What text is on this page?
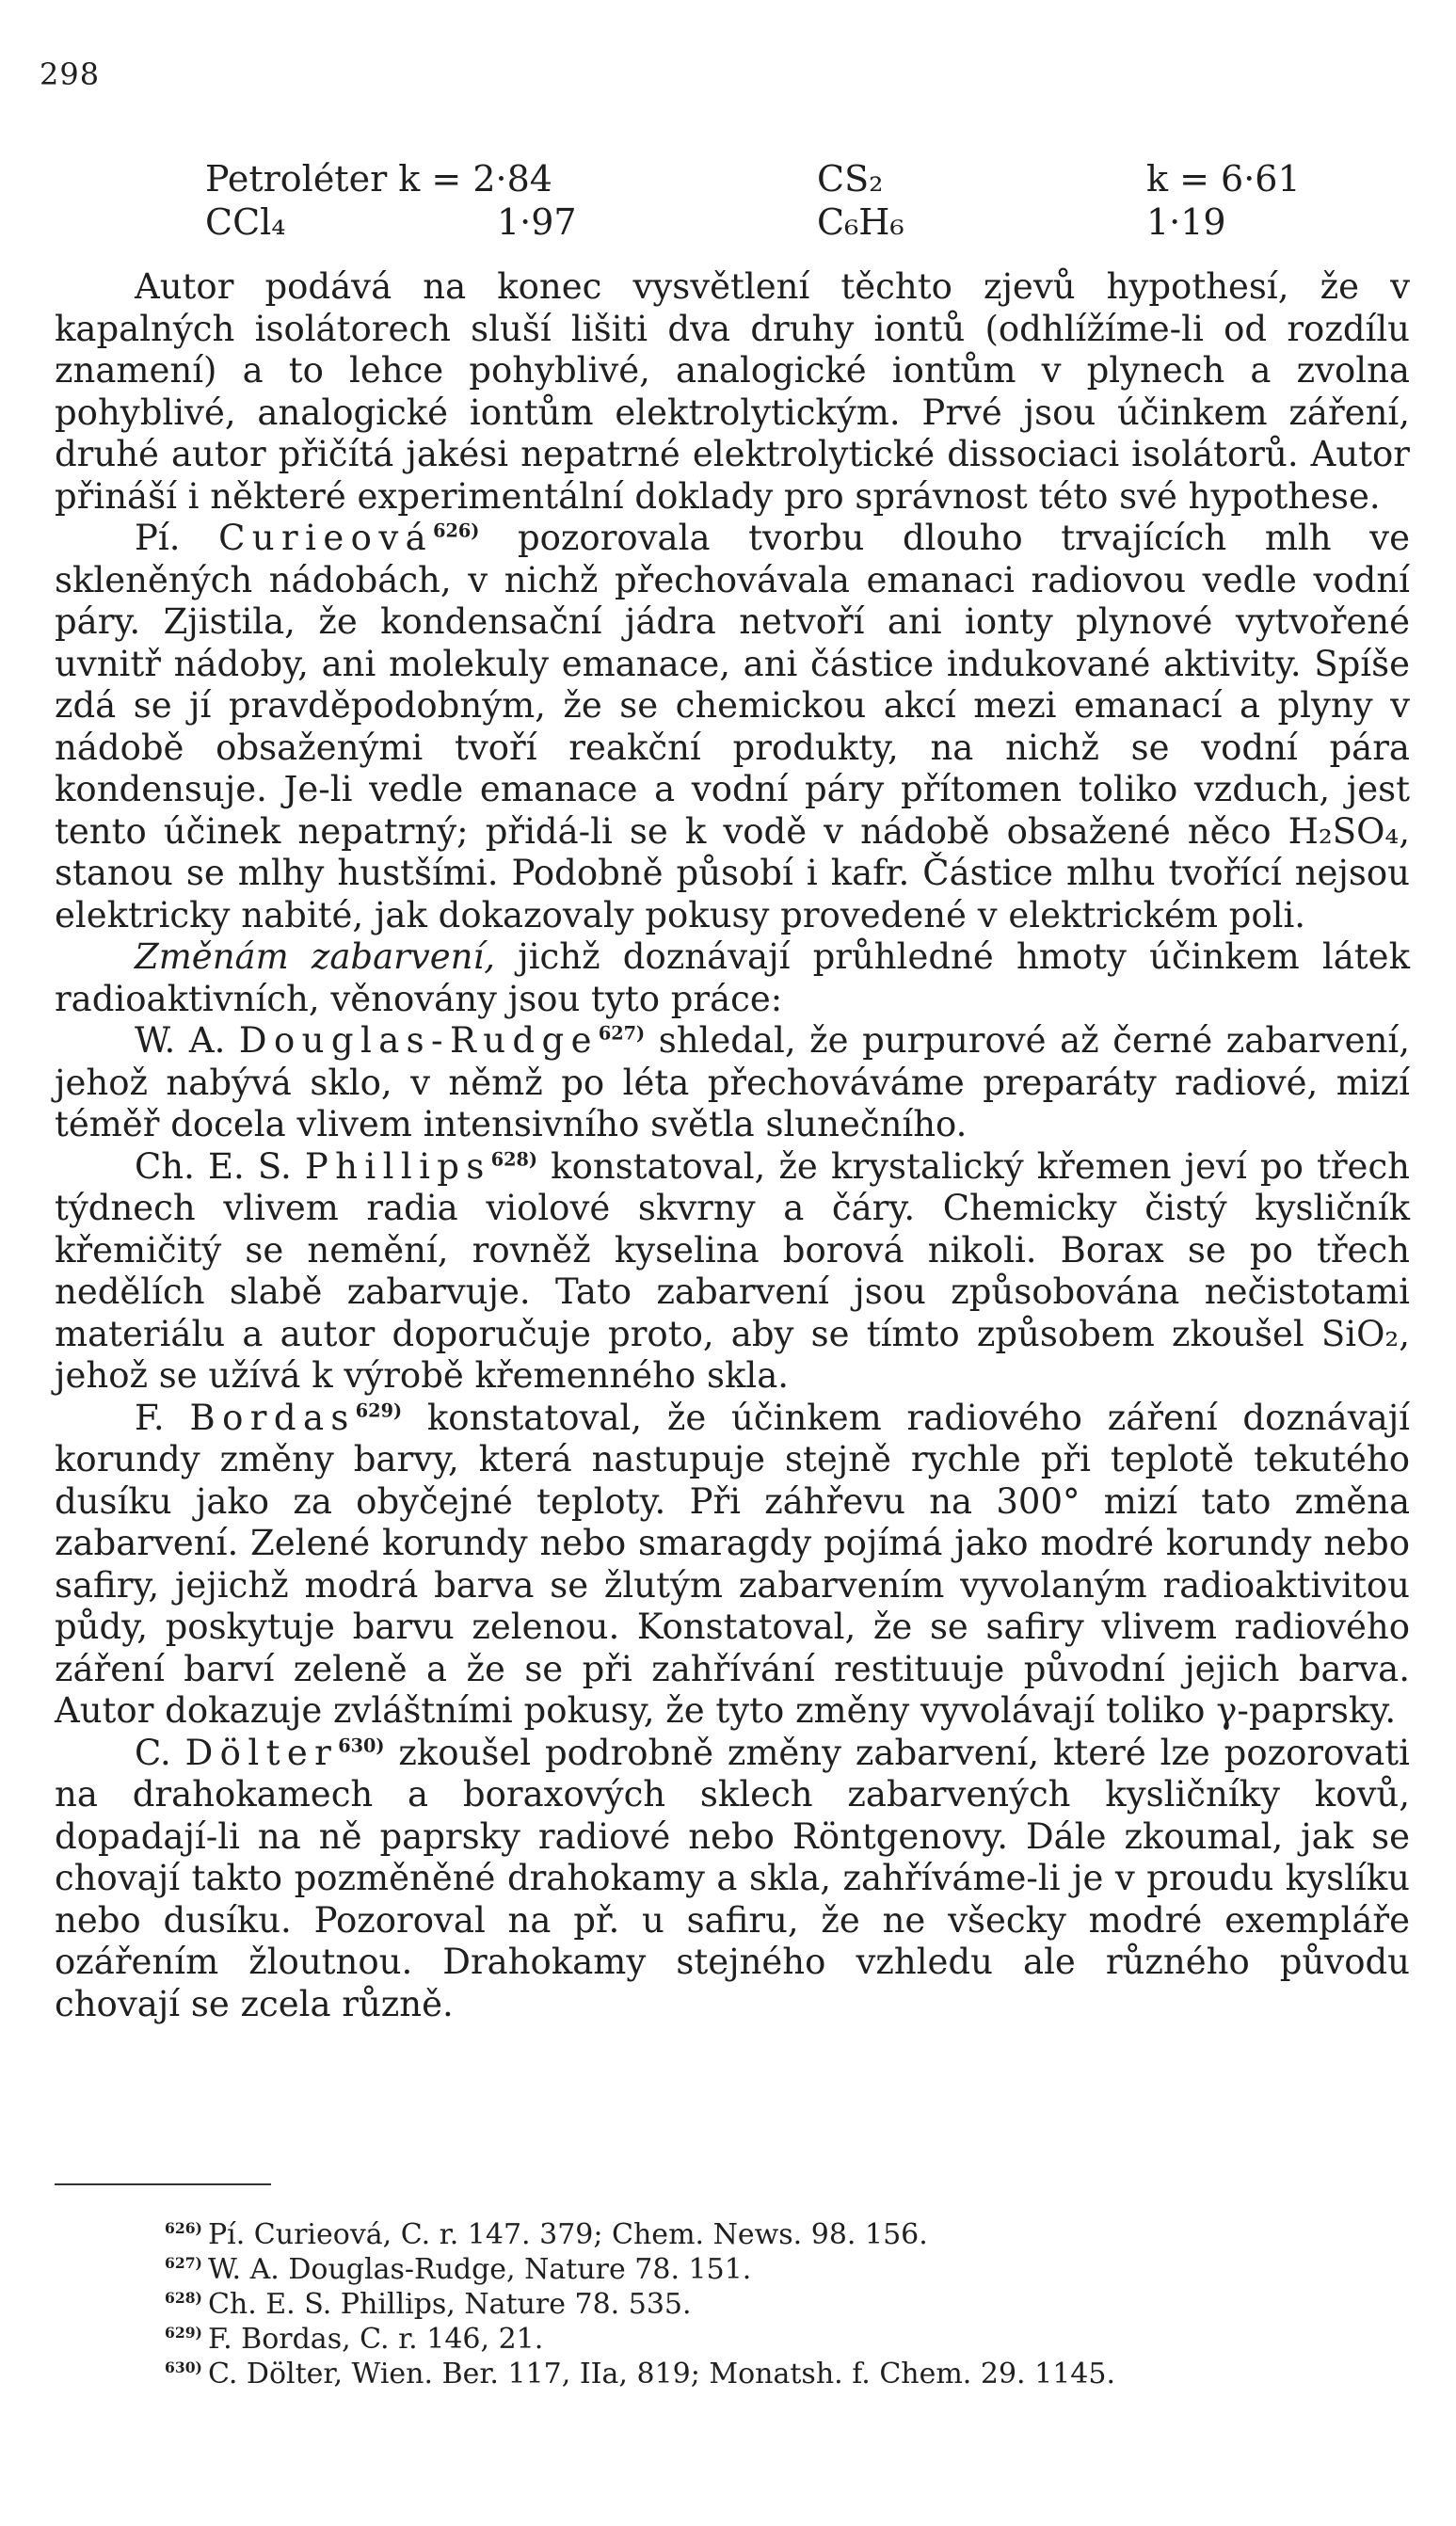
298
Petroléter k = 2·84	CS₂	k = 6·61
CCl₄	1·97	C₆H₆	1·19

Autor podává na konec vysvětlení těchto zjevů hypothesí, že v kapalných isolátorech sluší lišiti dva druhy iontů (odhlížíme-li od rozdílu znamení) a to lehce pohyblivé, analogické iontům v plynech a zvolna pohyblivé, analogické iontům elektrolytickým. Prvé jsou účinkem záření, druhé autor přičítá jakési nepatrné elektrolytické dissociaci isolátorů. Autor přináší i některé experimentální doklady pro správnost této své hypothese.

Pí. Curieová$^{626)}$ pozorovala tvorbu dlouho trvajících mlh ve skleněných nádobách, v nichž přechovávala emanaci radiovou vedle vodní páry. Zjistila, že kondensační jádra netvoří ani ionty plynové vytvořené uvnitř nádoby, ani molekuly emanace, ani částice indukované aktivity. Spíše zdá se jí pravděpodobným, že se chemickou akcí mezi emanací a plyny v nádobě obsaženými tvoří reakční produkty, na nichž se vodní pára kondensuje. Je-li vedle emanace a vodní páry přítomen toliko vzduch, jest tento účinek nepatrný; přidá-li se k vodě v nádobě obsažené něco H₂SO₄, stanou se mlhy hustšími. Podobně působí i kafr. Částice mlhu tvořící nejsou elektricky nabité, jak dokazovaly pokusy provedené v elektrickém poli.

Změnám zabarvení, jichž doznávají průhledné hmoty účinkem látek radioaktivních, věnovány jsou tyto práce:

W. A. Douglas-Rudge$^{627)}$ shledal, že purpurové až černé zabarvení, jehož nabývá sklo, v němž po léta přechováváme preparáty radiové, mizí téměř docela vlivem intensivního světla slunečního.

Ch. E. S. Phillips$^{628)}$ konstatoval, že krystalický křemen jeví po třech týdnech vlivem radia violové skvrny a čáry. Chemicky čistý kysličník křemičitý se nemění, rovněž kyselina borová nikoli. Borax se po třech nedělích slabě zabarvuje. Tato zabarvení jsou způsobována nečistotami materiálu a autor doporučuje proto, aby se tímto způsobem zkoušel SiO₂, jehož se užívá k výrobě křemenného skla.

F. Bordas$^{629)}$ konstatoval, že účinkem radiového záření doznávají korundy změny barvy, která nastupuje stejně rychle při teplotě tekutého dusíku jako za obyčejné teploty. Při záhřevu na 300° mizí tato změna zabarvení. Zelené korundy nebo smaragdy pojímá jako modré korundy nebo safiry, jejichž modrá barva se žlutým zabarvením vyvolaným radioaktivitou půdy, poskytuje barvu zelenou. Konstatoval, že se safiry vlivem radiového záření barví zeleně a že se při zahřívání restituuje původní jejich barva. Autor dokazuje zvláštními pokusy, že tyto změny vyvolávají toliko γ-paprsky.

C. Dölter$^{630)}$ zkoušel podrobně změny zabarvení, které lze pozorovati na drahokamech a boraxových sklech zabarvených kysličníky kovů, dopadají-li na ně paprsky radiové nebo Röntgenovy. Dále zkoumal, jak se chovají takto pozměněné drahokamy a skla, zahříváme-li je v proudu kyslíku nebo dusíku. Pozoroval na př. u safiru, že ne všecky modré exempláře ozářením žloutnou. Drahokamy stejného vzhledu ale různého původu chovají se zcela různě.

$^{626)}$ Pí. Curieová, C. r. 147. 379; Chem. News. 98. 156.
$^{627)}$ W. A. Douglas-Rudge, Nature 78. 151.
$^{628)}$ Ch. E. S. Phillips, Nature 78. 535.
$^{629)}$ F. Bordas, C. r. 146, 21.
$^{630)}$ C. Dölter, Wien. Ber. 117, IIa, 819; Monatsh. f. Chem. 29. 1145.
